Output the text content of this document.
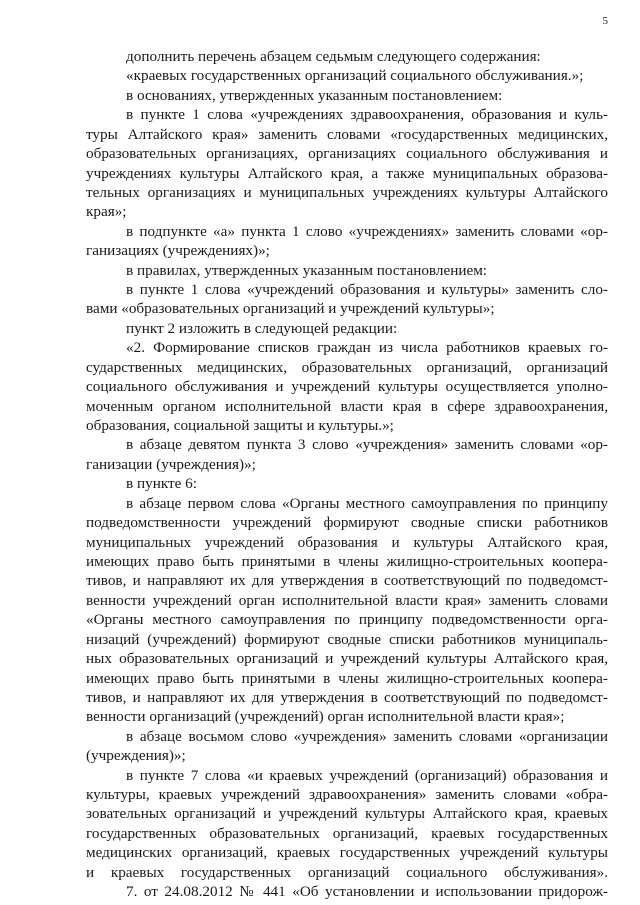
5
дополнить перечень абзацем седьмым следующего содержания:
«краевых государственных организаций социального обслуживания.»;
в основаниях, утвержденных указанным постановлением:
в пункте 1 слова «учреждениях здравоохранения, образования и куль-
туры Алтайского края» заменить словами «государственных медицинских,
образовательных организациях, организациях социального обслуживания и
учреждениях культуры Алтайского края, а также муниципальных образова-
тельных организациях и муниципальных учреждениях культуры Алтайского
края»;
в подпункте «а» пункта 1 слово «учреждениях» заменить словами «ор-
ганизациях (учреждениях)»;
в правилах, утвержденных указанным постановлением:
в пункте 1 слова «учреждений образования и культуры» заменить сло-
вами «образовательных организаций и учреждений культуры»;
пункт 2 изложить в следующей редакции:
«2. Формирование списков граждан из числа работников краевых го-
сударственных медицинских, образовательных организаций, организаций
социального обслуживания и учреждений культуры осуществляется уполно-
моченным органом исполнительной власти края в сфере здравоохранения,
образования, социальной защиты и культуры.»;
в абзаце девятом пункта 3 слово «учреждения» заменить словами «ор-
ганизации (учреждения)»;
в пункте 6:
в абзаце первом слова «Органы местного самоуправления по принципу
подведомственности учреждений формируют сводные списки работников
муниципальных учреждений образования и культуры Алтайского края,
имеющих право быть принятыми в члены жилищно-строительных коопера-
тивов, и направляют их для утверждения в соответствующий по подведомст-
венности учреждений орган исполнительной власти края» заменить словами
«Органы местного самоуправления по принципу подведомственности орга-
низаций (учреждений) формируют сводные списки работников муниципаль-
ных образовательных организаций и учреждений культуры Алтайского края,
имеющих право быть принятыми в члены жилищно-строительных коопера-
тивов, и направляют их для утверждения в соответствующий по подведомст-
венности организаций (учреждений) орган исполнительной власти края»;
в абзаце восьмом слово «учреждения» заменить словами «организации
(учреждения)»;
в пункте 7 слова «и краевых учреждений (организаций) образования и
культуры, краевых учреждений здравоохранения» заменить словами «обра-
зовательных организаций и учреждений культуры Алтайского края, краевых
государственных образовательных организаций, краевых государственных
медицинских организаций, краевых государственных учреждений культуры
и краевых государственных организаций социального обслуживания».
7. от 24.08.2012 № 441 «Об установлении и использовании придорож-
